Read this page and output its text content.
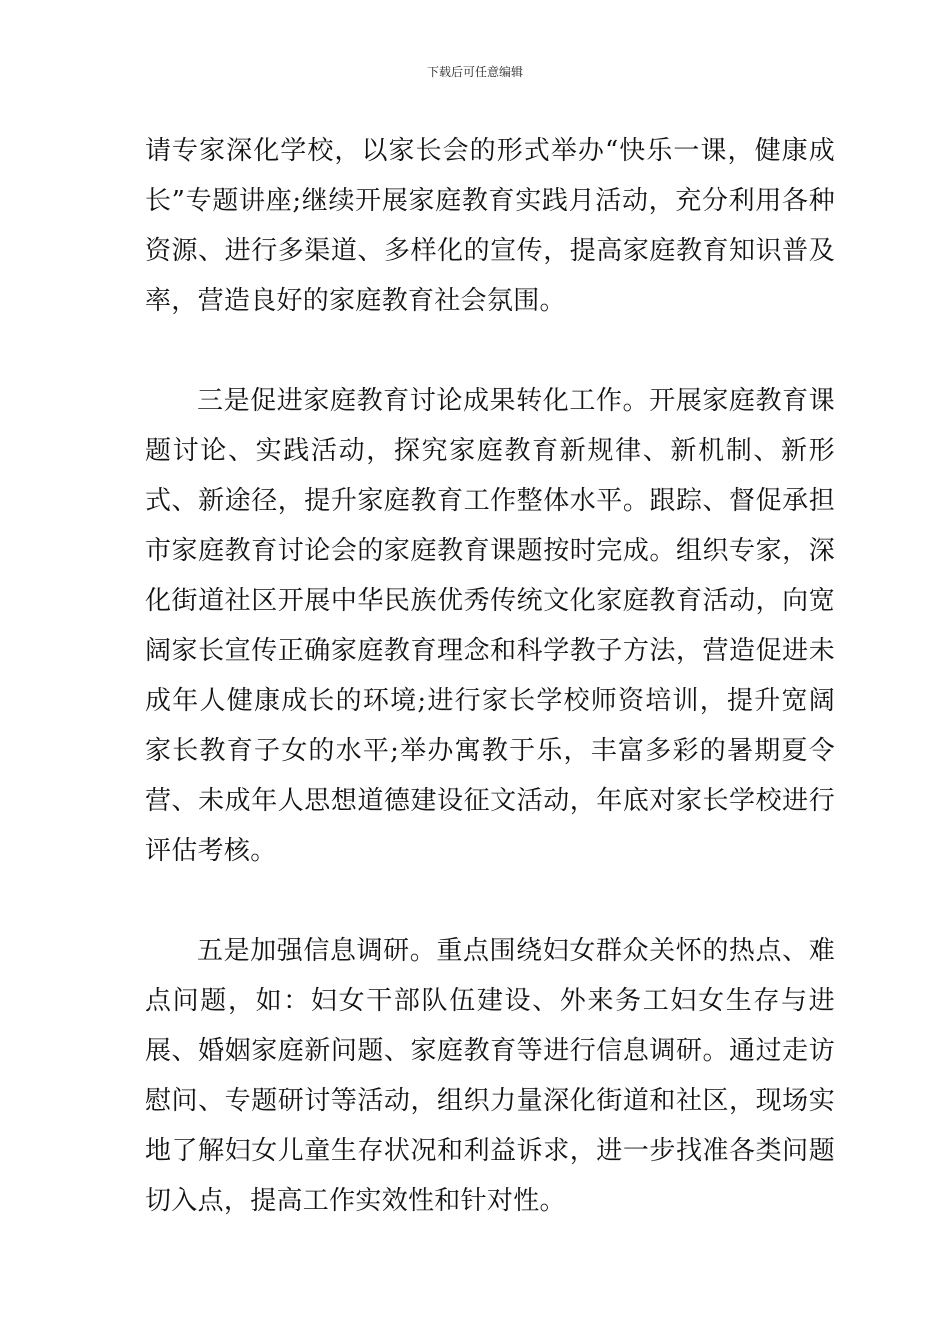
下载后可任意编辑

请专家深化学校，以家长会的形式举办“快乐一课，健康成长”专题讲座;继续开展家庭教育实践月活动，充分利用各种资源、进行多渠道、多样化的宣传，提高家庭教育知识普及率，营造良好的家庭教育社会氛围。

三是促进家庭教育讨论成果转化工作。开展家庭教育课题讨论、实践活动，探究家庭教育新规律、新机制、新形式、新途径，提升家庭教育工作整体水平。跟踪、督促承担市家庭教育讨论会的家庭教育课题按时完成。组织专家，深化街道社区开展中华民族优秀传统文化家庭教育活动，向宽阔家长宣传正确家庭教育理念和科学教子方法，营造促进未成年人健康成长的环境;进行家长学校师资培训，提升宽阔家长教育子女的水平;举办寓教于乐，丰富多彩的暑期夏令营、未成年人思想道德建设征文活动，年底对家长学校进行评估考核。

五是加强信息调研。重点围绕妇女群众关怀的热点、难点问题，如：妇女干部队伍建设、外来务工妇女生存与进展、婚姻家庭新问题、家庭教育等进行信息调研。通过走访慰问、专题研讨等活动，组织力量深化街道和社区，现场实地了解妇女儿童生存状况和利益诉求，进一步找准各类问题切入点，提高工作实效性和针对性。
